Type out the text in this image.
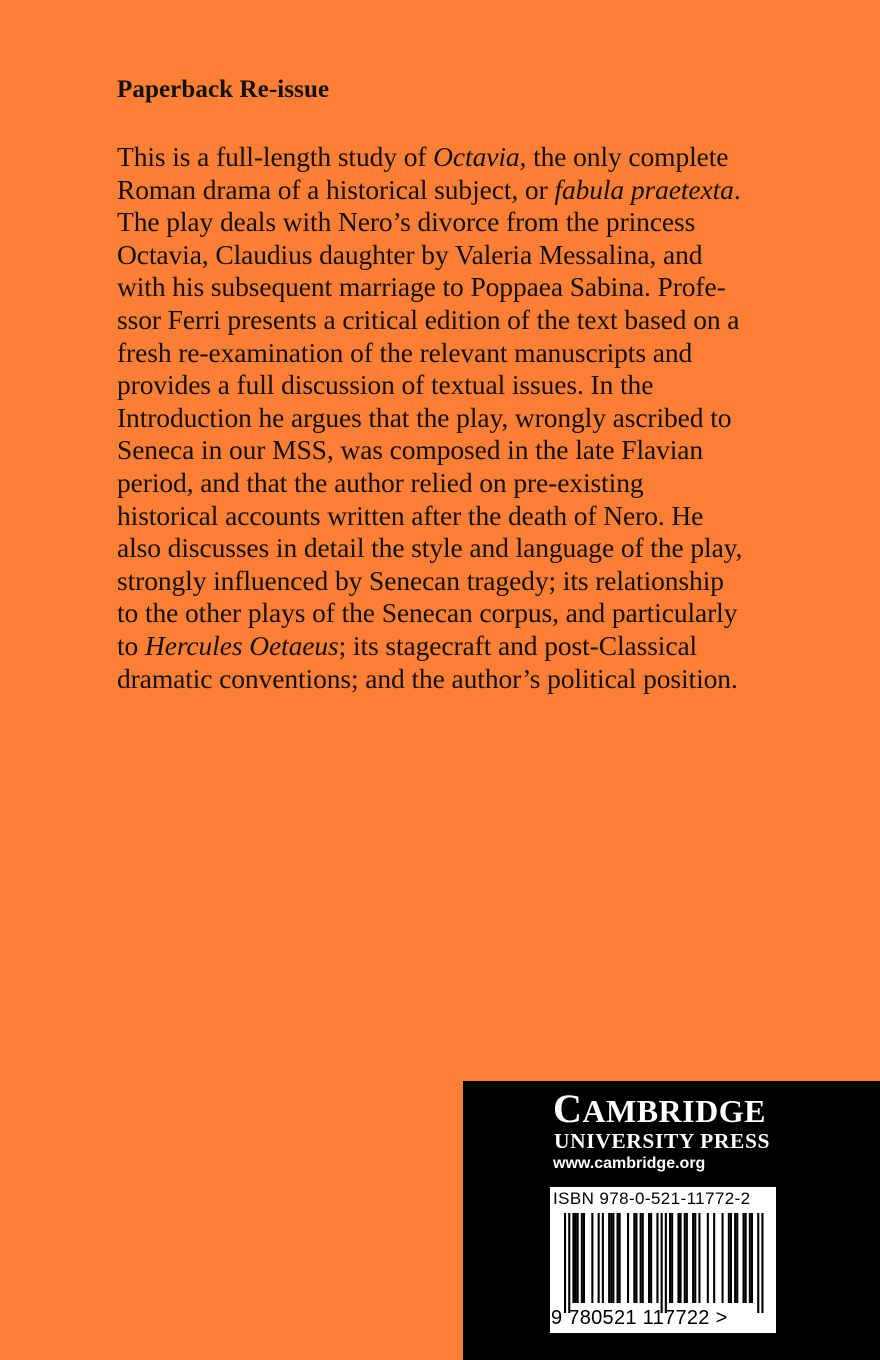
Paperback Re-issue
This is a full-length study of Octavia, the only complete
Roman drama of a historical subject, or fabula praetexta.
The play deals with Nero’s divorce from the princess
Octavia, Claudius daughter by Valeria Messalina, and
with his subsequent marriage to Poppaea Sabina. Profe-
ssor Ferri presents a critical edition of the text based on a
fresh re-examination of the relevant manuscripts and
provides a full discussion of textual issues. In the
Introduction he argues that the play, wrongly ascribed to
Seneca in our MSS, was composed in the late Flavian
period, and that the author relied on pre-existing
historical accounts written after the death of Nero. He
also discusses in detail the style and language of the play,
strongly influenced by Senecan tragedy; its relationship
to the other plays of the Senecan corpus, and particularly
to Hercules Oetaeus; its stagecraft and post-Classical
dramatic conventions; and the author’s political position.
CAMBRIDGE
UNIVERSITY PRESS
www.cambridge.org
ISBN 978-0-521-11772-2
9 780521 117722 >
